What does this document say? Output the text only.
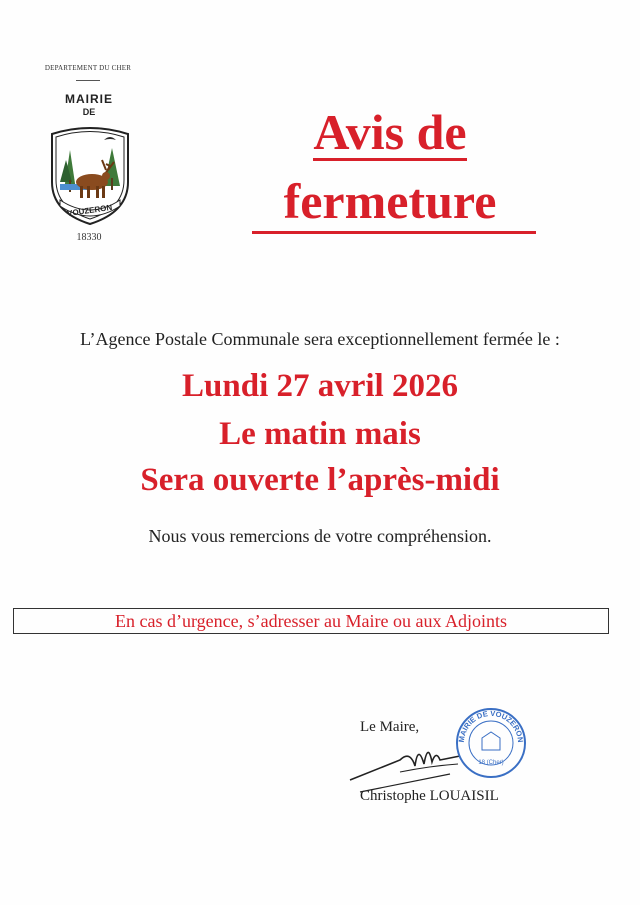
DEPARTEMENT DU CHER
MAIRIE
DE
VOUZERON
18330
Avis de
fermeture
L’Agence Postale Communale sera exceptionnellement fermée le :
Lundi 27 avril 2026
Le matin mais
Sera ouverte l’après-midi
Nous vous remercions de votre compréhension.
En cas d’urgence, s’adresser au Maire ou aux Adjoints
Le Maire,
MAIRIE DE VOUZERON
18 (Cher)
Christophe LOUAISIL
